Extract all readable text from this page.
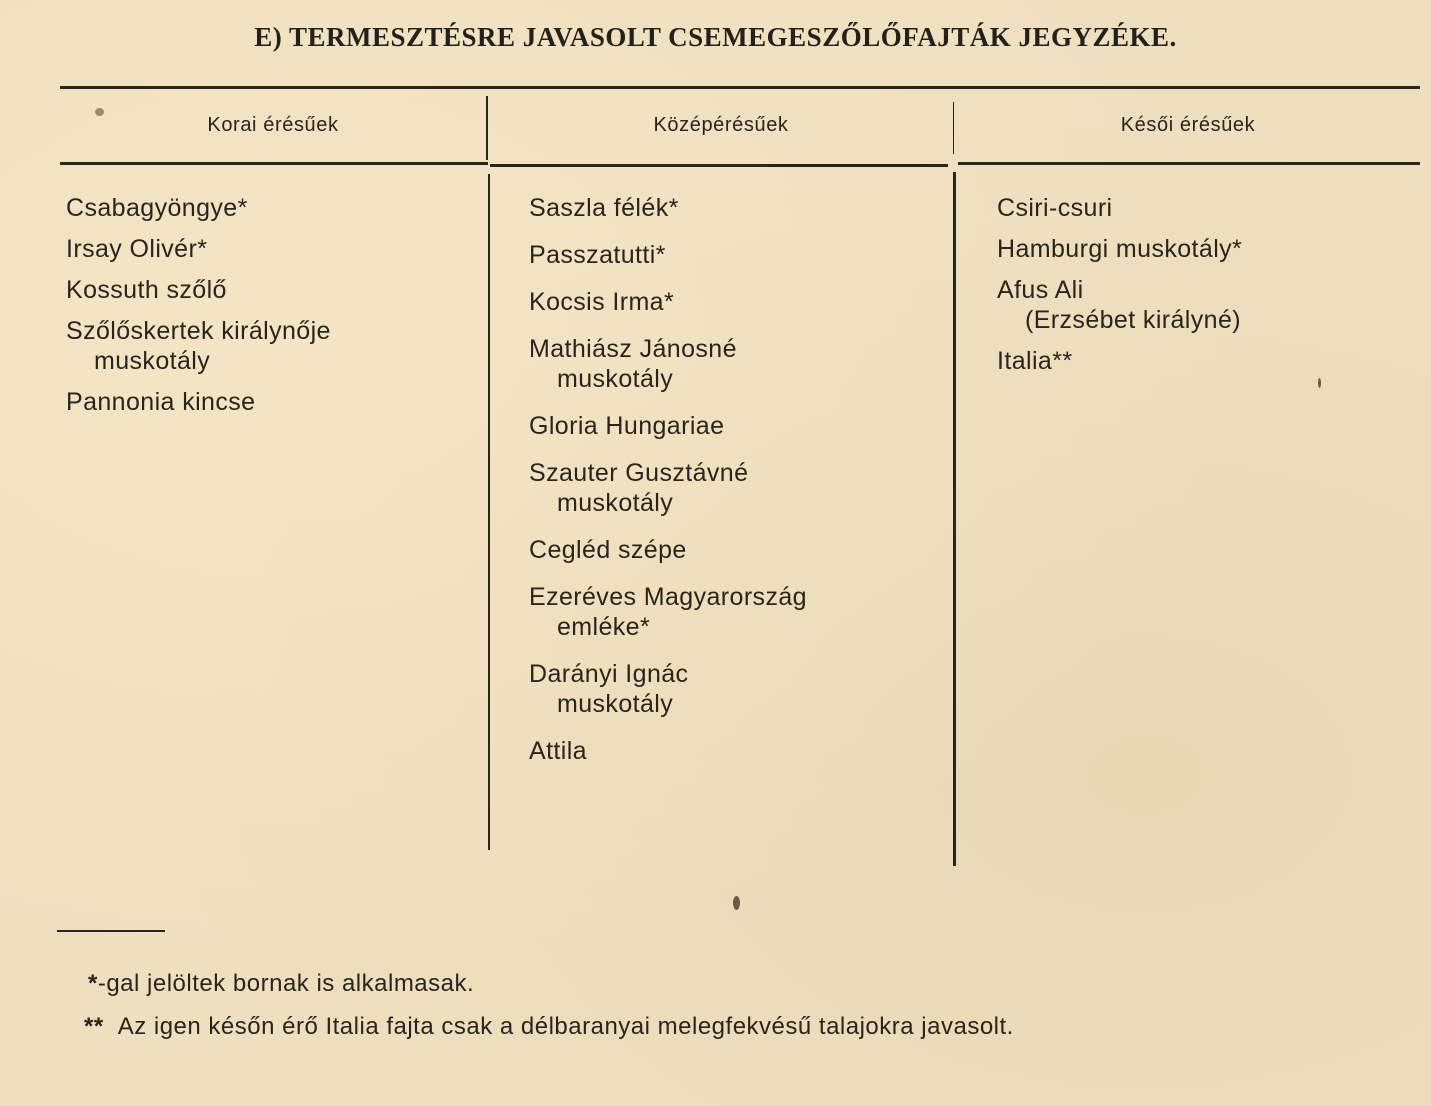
E) TERMESZTÉSRE JAVASOLT CSEMEGESZŐLŐFAJTÁK JEGYZÉKE.
Korai érésűek	Középérésűek	Késői érésűek
Csabagyöngye*
Irsay Olivér*
Kossuth szőlő
Szőlőskertek királynője
muskotály
Pannonia kincse
Saszla félék*
Passzatutti*
Kocsis Irma*
Mathiász Jánosné
muskotály
Gloria Hungariae
Szauter Gusztávné
muskotály
Cegléd szépe
Ezeréves Magyarország
emléke*
Darányi Ignác
muskotály
Attila
Csiri-csuri
Hamburgi muskotály*
Afus Ali
(Erzsébet királyné)
Italia**
*-gal jelöltek bornak is alkalmasak.
** Az igen későn érő Italia fajta csak a délbaranyai melegfekvésű talajokra javasolt.
